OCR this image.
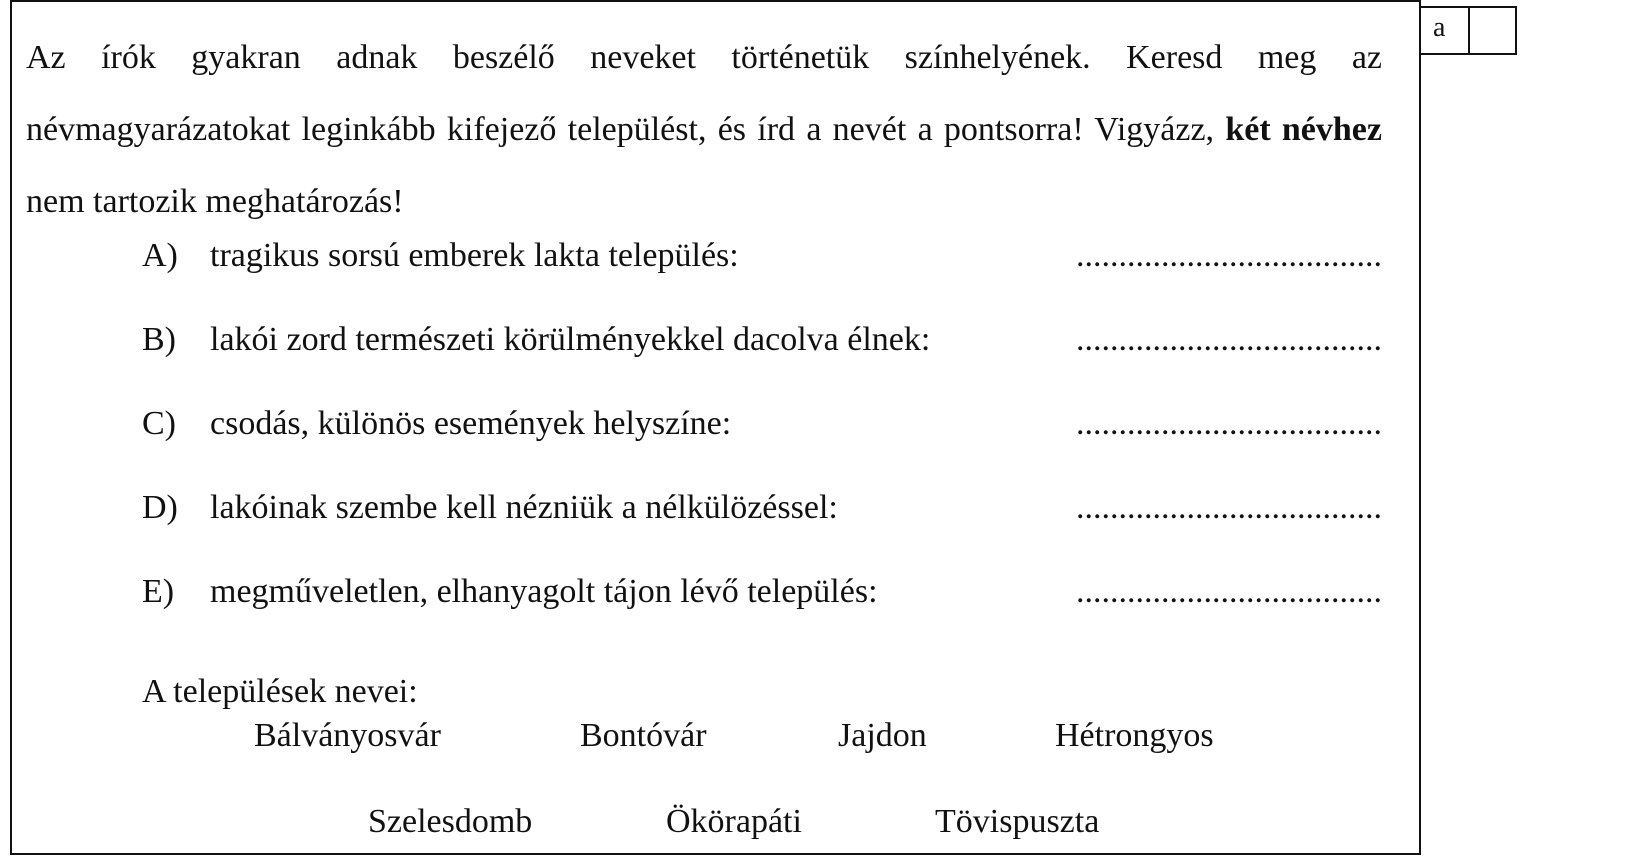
a
Az írók gyakran adnak beszélő neveket történetük színhelyének. Keresd meg az névmagyarázatokat leginkább kifejező települést, és írd a nevét a pontsorra! Vigyázz, két névhez nem tartozik meghatározás!
A) tragikus sorsú emberek lakta település:	....................................
B) lakói zord természeti körülményekkel dacolva élnek:	....................................
C) csodás, különös események helyszíne:	....................................
D) lakóinak szembe kell nézniük a nélkülözéssel:	....................................
E) megműveletlen, elhanyagolt tájon lévő település:	....................................
A települések nevei:
Bálványosvár	Bontóvár	Jajdon	Hétrongyos
Szelesdomb	Ökörapáti	Tövispuszta
